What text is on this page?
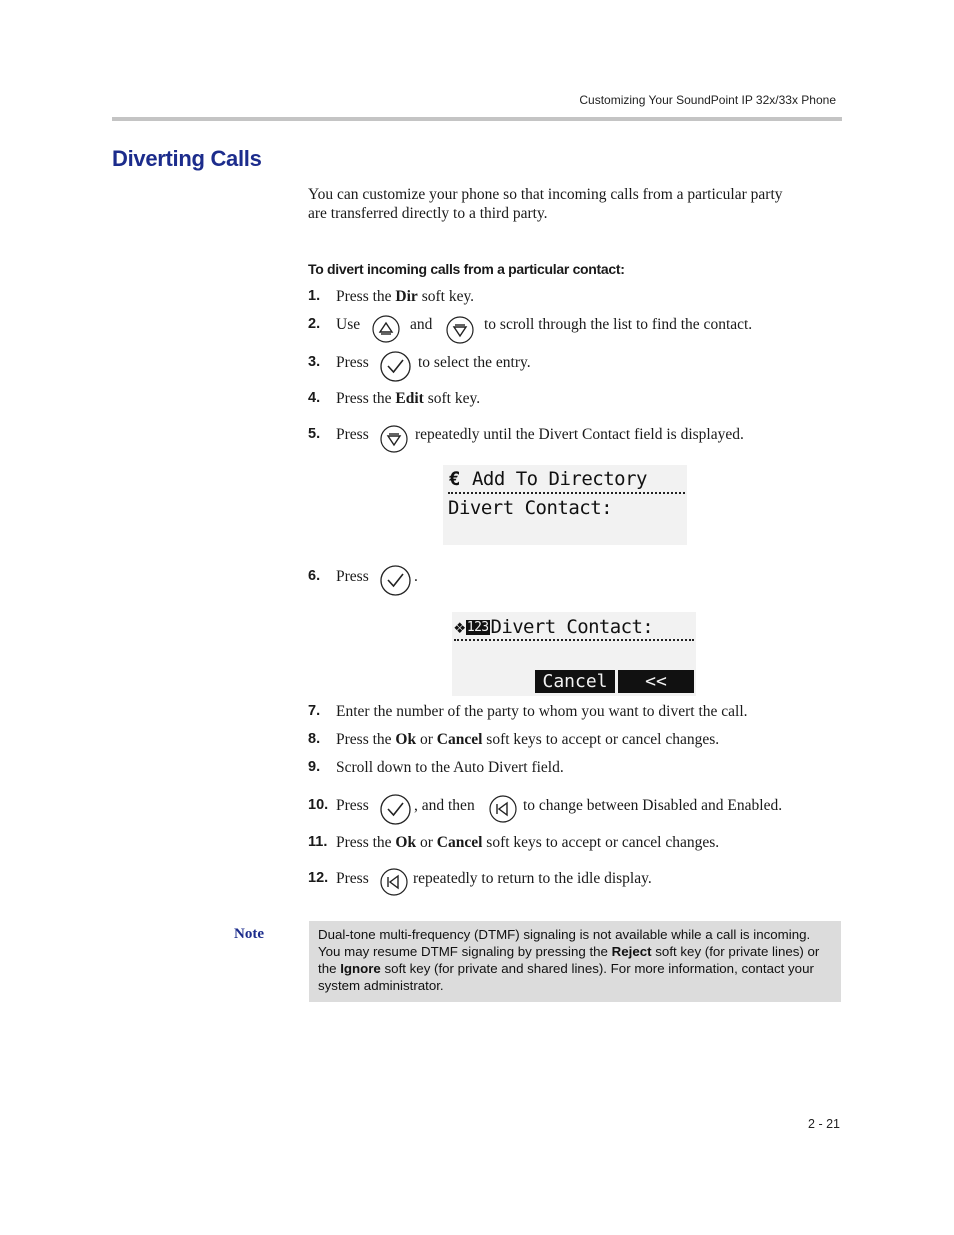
Customizing Your SoundPoint IP 32x/33x Phone
Diverting Calls

You can customize your phone so that incoming calls from a particular party
are transferred directly to a third party.

To divert incoming calls from a particular contact:
1. Press the Dir soft key.
2. Use	and	to scroll through the list to find the contact.
3. Press	to select the entry.
4. Press the Edit soft key.
5. Press	repeatedly until the Divert Contact field is displayed.
€ Add To Directory
Divert Contact:
6. Press	.
❖ 123 Divert Contact:
Cancel	<<
7. Enter the number of the party to whom you want to divert the call.
8. Press the Ok or Cancel soft keys to accept or cancel changes.
9. Scroll down to the Auto Divert field.
10. Press	, and then	to change between Disabled and Enabled.
11. Press the Ok or Cancel soft keys to accept or cancel changes.
12. Press	repeatedly to return to the idle display.
Note	Dual-tone multi-frequency (DTMF) signaling is not available while a call is incoming. You may resume DTMF signaling by pressing the Reject soft key (for private lines) or the Ignore soft key (for private and shared lines). For more information, contact your system administrator.
2 - 21
